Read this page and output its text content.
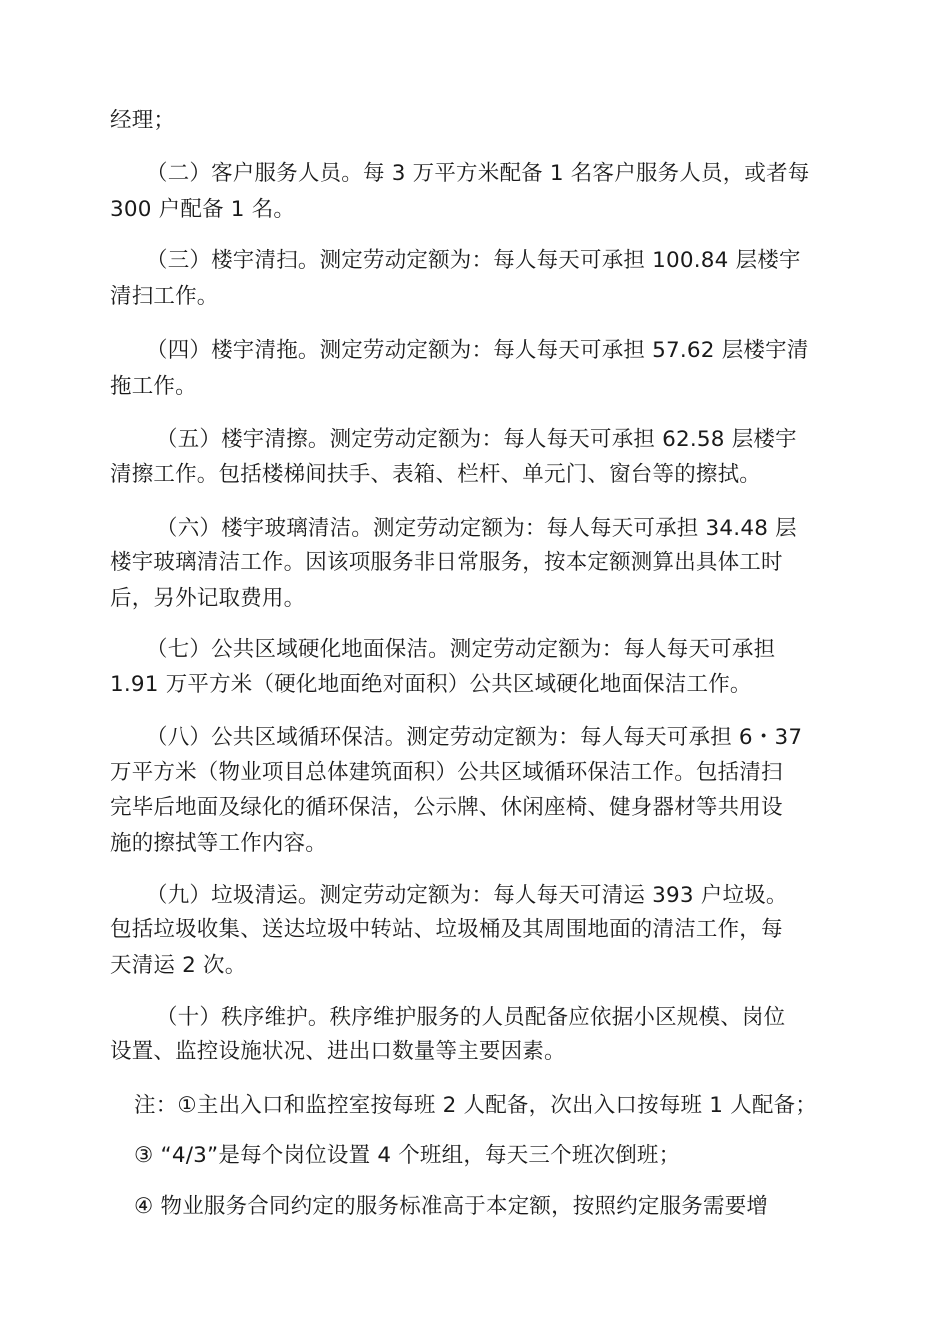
经理；
（二）客户服务人员。每 3 万平方米配备 1 名客户服务人员，或者每
300 户配备 1 名。
（三）楼宇清扫。测定劳动定额为：每人每天可承担 100.84 层楼宇
清扫工作。
（四）楼宇清拖。测定劳动定额为：每人每天可承担 57.62 层楼宇清
拖工作。
（五）楼宇清擦。测定劳动定额为：每人每天可承担 62.58 层楼宇
清擦工作。包括楼梯间扶手、表箱、栏杆、单元门、窗台等的擦拭。
（六）楼宇玻璃清洁。测定劳动定额为：每人每天可承担 34.48 层
楼宇玻璃清洁工作。因该项服务非日常服务，按本定额测算出具体工时
后，另外记取费用。
（七）公共区域硬化地面保洁。测定劳动定额为：每人每天可承担
1.91 万平方米（硬化地面绝对面积）公共区域硬化地面保洁工作。
（八）公共区域循环保洁。测定劳动定额为：每人每天可承担 6・37
万平方米（物业项目总体建筑面积）公共区域循环保洁工作。包括清扫
完毕后地面及绿化的循环保洁，公示牌、休闲座椅、健身器材等共用设
施的擦拭等工作内容。
（九）垃圾清运。测定劳动定额为：每人每天可清运 393 户垃圾。
包括垃圾收集、送达垃圾中转站、垃圾桶及其周围地面的清洁工作，每
天清运 2 次。
（十）秩序维护。秩序维护服务的人员配备应依据小区规模、岗位
设置、监控设施状况、进出口数量等主要因素。
注：①主出入口和监控室按每班 2 人配备，次出入口按每班 1 人配备；
③ “4/3”是每个岗位设置 4 个班组，每天三个班次倒班；
④ 物业服务合同约定的服务标准高于本定额，按照约定服务需要增
